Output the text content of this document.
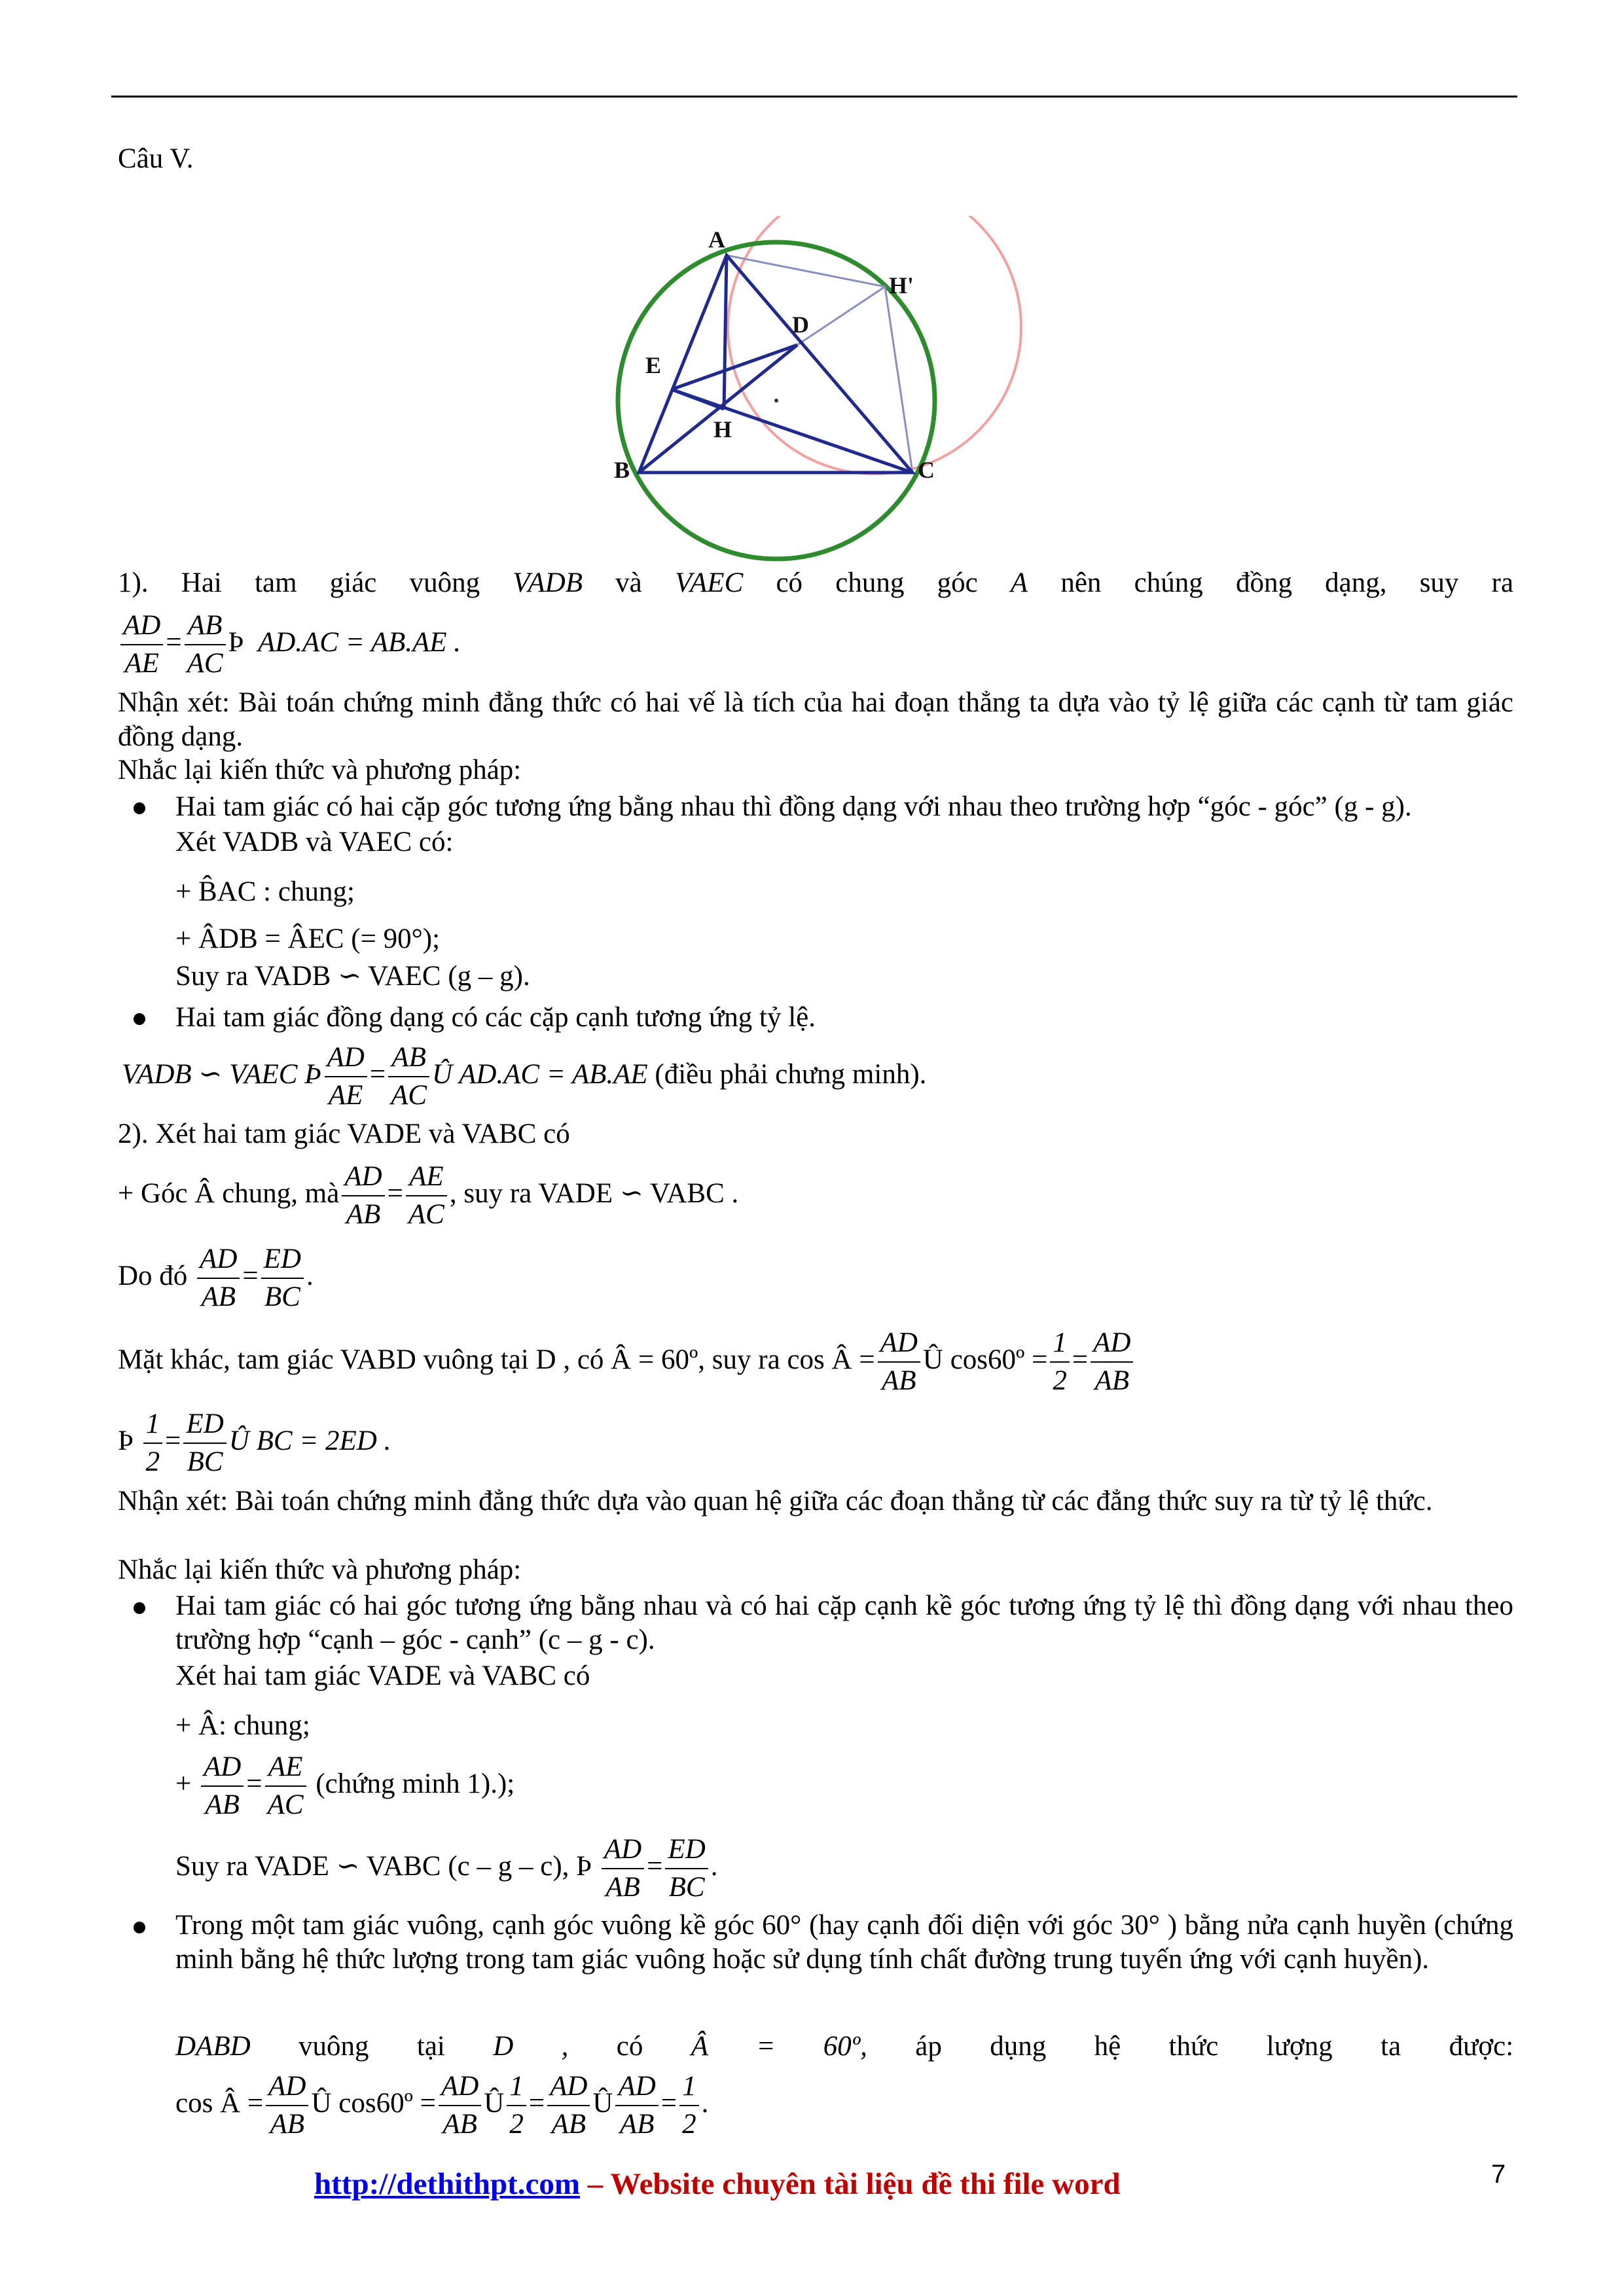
Câu V.
A
H'
D
E
H
B	C
1). Hai tam giác vuông VADB và VAEC có chung góc A nên chúng đồng dạng, suy ra
$\frac{AD}{AE} = \frac{AB}{AC}$ Þ AD.AC = AB.AE .
Nhận xét: Bài toán chứng minh đẳng thức có hai vế là tích của hai đoạn thẳng ta dựa vào tỷ lệ giữa các cạnh từ tam giác đồng dạng.
Nhắc lại kiến thức và phương pháp:
Hai tam giác có hai cặp góc tương ứng bằng nhau thì đồng dạng với nhau theo trường hợp “góc - góc” (g - g).
Xét VADB và VAEC có:
+ B̂AC : chung;
+ ÂDB = ÂEC (= 90°);
Suy ra VADB ∽ VAEC (g – g).
Hai tam giác đồng dạng có các cặp cạnh tương ứng tỷ lệ.
VADB ∽ VAEC Þ $\frac{AD}{AE} = \frac{AB}{AC}$ Û AD.AC = AB.AE (điều phải chưng minh).
2). Xét hai tam giác VADE và VABC có
+ Góc Â chung, mà $\frac{AD}{AB} = \frac{AE}{AC}$ , suy ra VADE ∽ VABC .
Do đó $\frac{AD}{AB} = \frac{ED}{BC}$ .
Mặt khác, tam giác VABD vuông tại D , có Â = 60º, suy ra cos Â = $\frac{AD}{AB}$ Û cos60º = $\frac{1}{2} = \frac{AD}{AB}$
Þ $\frac{1}{2} = \frac{ED}{BC}$ Û BC = 2ED .
Nhận xét: Bài toán chứng minh đẳng thức dựa vào quan hệ giữa các đoạn thẳng từ các đẳng thức suy ra từ tỷ lệ thức.
Nhắc lại kiến thức và phương pháp:
Hai tam giác có hai góc tương ứng bằng nhau và có hai cặp cạnh kề góc tương ứng tỷ lệ thì đồng dạng với nhau theo trường hợp “cạnh – góc - cạnh” (c – g - c).
Xét hai tam giác VADE và VABC có
+ Â: chung;
+ $\frac{AD}{AB} = \frac{AE}{AC}$ (chứng minh 1).);
Suy ra VADE ∽ VABC (c – g – c), Þ $\frac{AD}{AB} = \frac{ED}{BC}$ .
Trong một tam giác vuông, cạnh góc vuông kề góc 60° (hay cạnh đối diện với góc 30° ) bằng nửa cạnh huyền (chứng minh bằng hệ thức lượng trong tam giác vuông hoặc sử dụng tính chất đường trung tuyến ứng với cạnh huyền).
DABD vuông tại D , có Â = 60º, áp dụng hệ thức lượng ta được:
cos Â = $\frac{AD}{AB}$ Û cos60º = $\frac{AD}{AB}$ Û $\frac{1}{2} = \frac{AD}{AB}$ Û $\frac{AD}{AB} = \frac{1}{2}$ .
http://dethithpt.com – Website chuyên tài liệu đề thi file word	7
